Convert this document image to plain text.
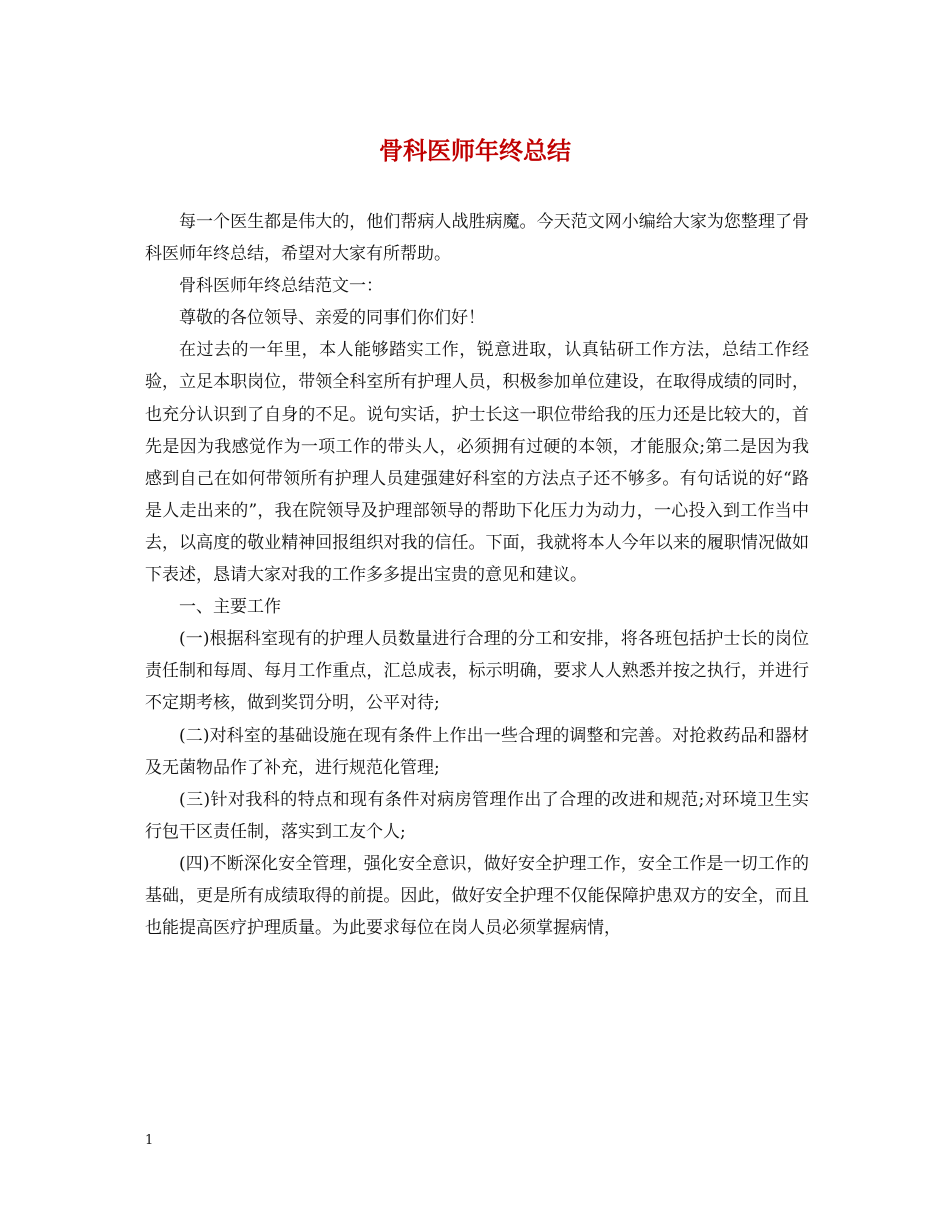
骨科医师年终总结

每一个医生都是伟大的，他们帮病人战胜病魔。今天范文网小编给大家为您整理了骨科医师年终总结，希望对大家有所帮助。

骨科医师年终总结范文一：

尊敬的各位领导、亲爱的同事们你们好！

在过去的一年里，本人能够踏实工作，锐意进取，认真钻研工作方法，总结工作经验，立足本职岗位，带领全科室所有护理人员，积极参加单位建设，在取得成绩的同时，也充分认识到了自身的不足。说句实话，护士长这一职位带给我的压力还是比较大的，首先是因为我感觉作为一项工作的带头人，必须拥有过硬的本领，才能服众;第二是因为我感到自己在如何带领所有护理人员建强建好科室的方法点子还不够多。有句话说的好“路是人走出来的”，我在院领导及护理部领导的帮助下化压力为动力，一心投入到工作当中去，以高度的敬业精神回报组织对我的信任。下面，我就将本人今年以来的履职情况做如下表述，恳请大家对我的工作多多提出宝贵的意见和建议。

一、主要工作

(一)根据科室现有的护理人员数量进行合理的分工和安排，将各班包括护士长的岗位责任制和每周、每月工作重点，汇总成表，标示明确，要求人人熟悉并按之执行，并进行不定期考核，做到奖罚分明，公平对待;

(二)对科室的基础设施在现有条件上作出一些合理的调整和完善。对抢救药品和器材及无菌物品作了补充，进行规范化管理;

(三)针对我科的特点和现有条件对病房管理作出了合理的改进和规范;对环境卫生实行包干区责任制，落实到工友个人;

(四)不断深化安全管理，强化安全意识，做好安全护理工作，安全工作是一切工作的基础，更是所有成绩取得的前提。因此，做好安全护理不仅能保障护患双方的安全，而且也能提高医疗护理质量。为此要求每位在岗人员必须掌握病情，

1
